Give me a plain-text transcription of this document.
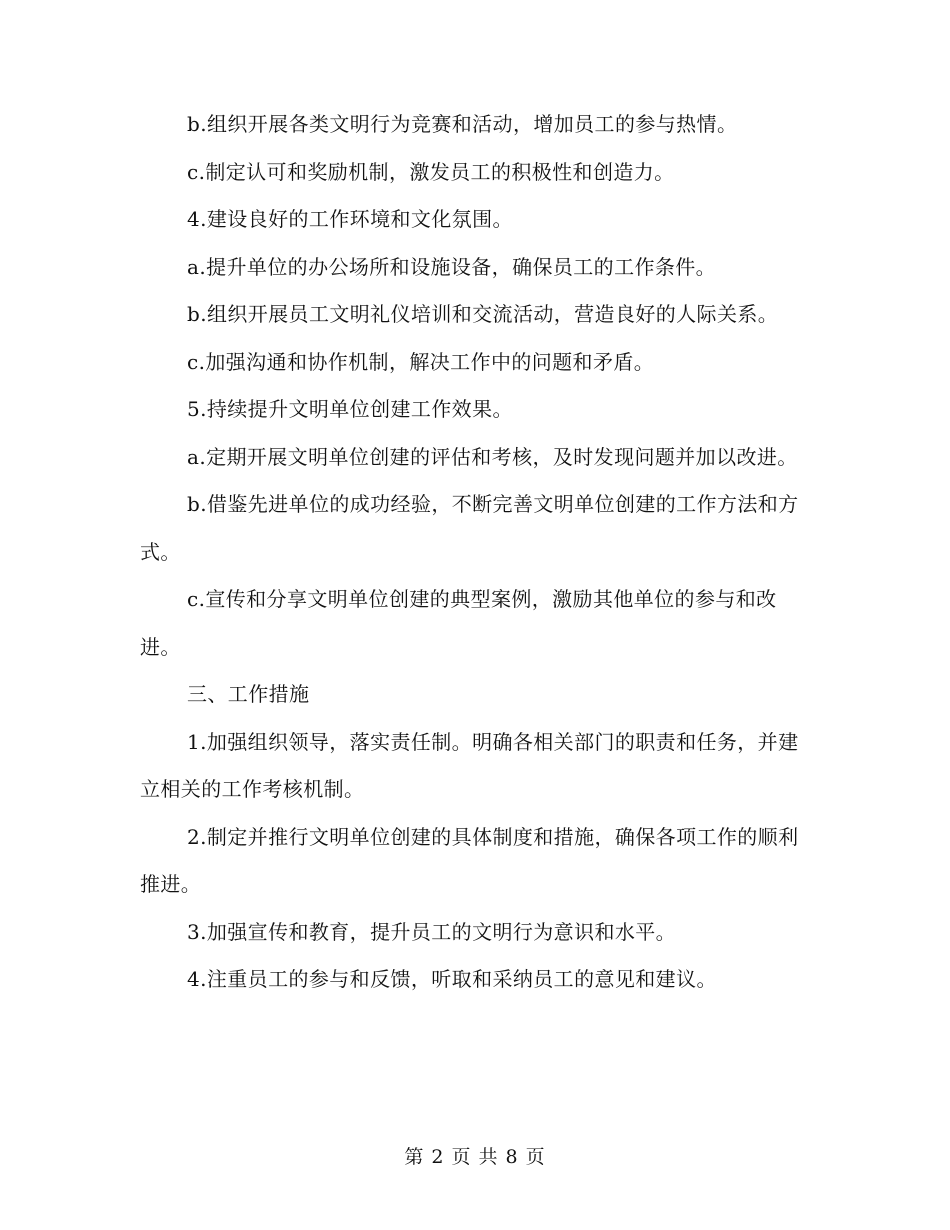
b.组织开展各类文明行为竞赛和活动，增加员工的参与热情。

c.制定认可和奖励机制，激发员工的积极性和创造力。

4.建设良好的工作环境和文化氛围。

a.提升单位的办公场所和设施设备，确保员工的工作条件。

b.组织开展员工文明礼仪培训和交流活动，营造良好的人际关系。

c.加强沟通和协作机制，解决工作中的问题和矛盾。

5.持续提升文明单位创建工作效果。

a.定期开展文明单位创建的评估和考核，及时发现问题并加以改进。

b.借鉴先进单位的成功经验，不断完善文明单位创建的工作方法和方式。

c.宣传和分享文明单位创建的典型案例，激励其他单位的参与和改进。

三、工作措施

1.加强组织领导，落实责任制。明确各相关部门的职责和任务，并建立相关的工作考核机制。

2.制定并推行文明单位创建的具体制度和措施，确保各项工作的顺利推进。

3.加强宣传和教育，提升员工的文明行为意识和水平。

4.注重员工的参与和反馈，听取和采纳员工的意见和建议。

第 2 页 共 8 页
